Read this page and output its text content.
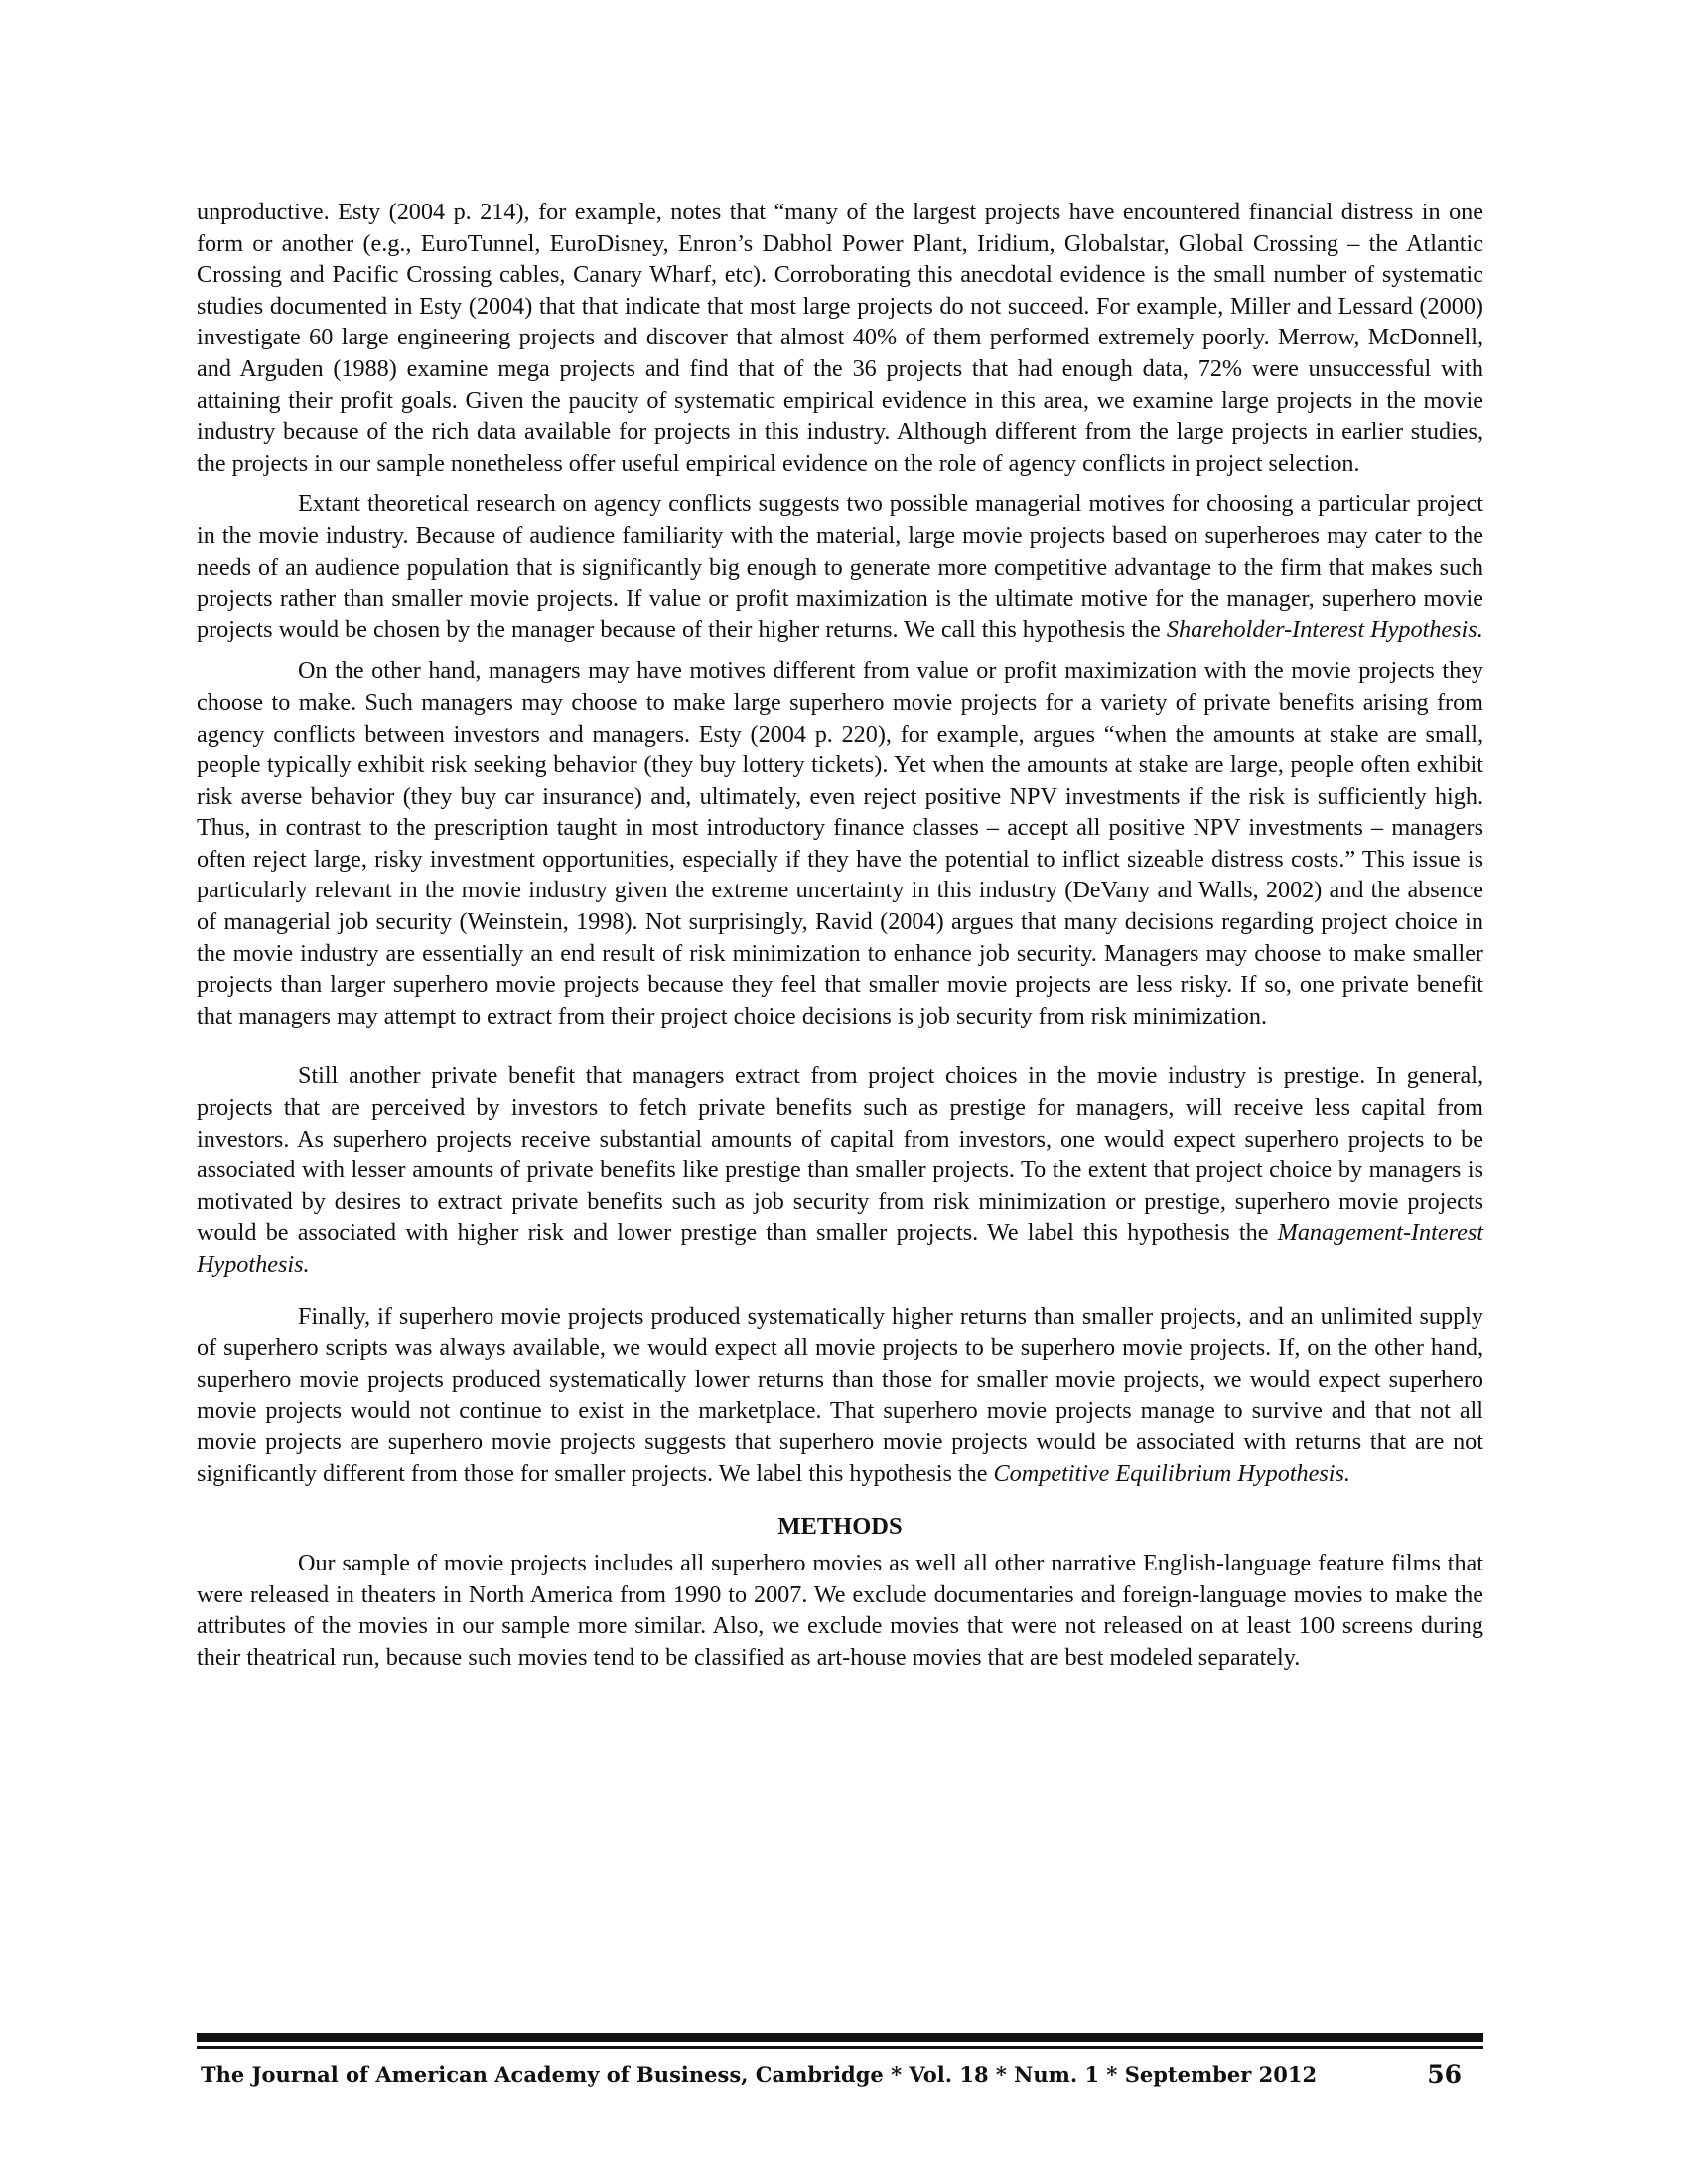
unproductive. Esty (2004 p. 214), for example, notes that “many of the largest projects have encountered financial distress in one form or another (e.g., EuroTunnel, EuroDisney, Enron’s Dabhol Power Plant, Iridium, Globalstar, Global Crossing – the Atlantic Crossing and Pacific Crossing cables, Canary Wharf, etc). Corroborating this anecdotal evidence is the small number of systematic studies documented in Esty (2004) that that indicate that most large projects do not succeed. For example, Miller and Lessard (2000) investigate 60 large engineering projects and discover that almost 40% of them performed extremely poorly. Merrow, McDonnell, and Arguden (1988) examine mega projects and find that of the 36 projects that had enough data, 72% were unsuccessful with attaining their profit goals. Given the paucity of systematic empirical evidence in this area, we examine large projects in the movie industry because of the rich data available for projects in this industry. Although different from the large projects in earlier studies, the projects in our sample nonetheless offer useful empirical evidence on the role of agency conflicts in project selection.

Extant theoretical research on agency conflicts suggests two possible managerial motives for choosing a particular project in the movie industry. Because of audience familiarity with the material, large movie projects based on superheroes may cater to the needs of an audience population that is significantly big enough to generate more competitive advantage to the firm that makes such projects rather than smaller movie projects. If value or profit maximization is the ultimate motive for the manager, superhero movie projects would be chosen by the manager because of their higher returns. We call this hypothesis the Shareholder-Interest Hypothesis.

On the other hand, managers may have motives different from value or profit maximization with the movie projects they choose to make. Such managers may choose to make large superhero movie projects for a variety of private benefits arising from agency conflicts between investors and managers. Esty (2004 p. 220), for example, argues “when the amounts at stake are small, people typically exhibit risk seeking behavior (they buy lottery tickets). Yet when the amounts at stake are large, people often exhibit risk averse behavior (they buy car insurance) and, ultimately, even reject positive NPV investments if the risk is sufficiently high. Thus, in contrast to the prescription taught in most introductory finance classes – accept all positive NPV investments – managers often reject large, risky investment opportunities, especially if they have the potential to inflict sizeable distress costs.” This issue is particularly relevant in the movie industry given the extreme uncertainty in this industry (DeVany and Walls, 2002) and the absence of managerial job security (Weinstein, 1998). Not surprisingly, Ravid (2004) argues that many decisions regarding project choice in the movie industry are essentially an end result of risk minimization to enhance job security. Managers may choose to make smaller projects than larger superhero movie projects because they feel that smaller movie projects are less risky. If so, one private benefit that managers may attempt to extract from their project choice decisions is job security from risk minimization.

Still another private benefit that managers extract from project choices in the movie industry is prestige. In general, projects that are perceived by investors to fetch private benefits such as prestige for managers, will receive less capital from investors. As superhero projects receive substantial amounts of capital from investors, one would expect superhero projects to be associated with lesser amounts of private benefits like prestige than smaller projects. To the extent that project choice by managers is motivated by desires to extract private benefits such as job security from risk minimization or prestige, superhero movie projects would be associated with higher risk and lower prestige than smaller projects. We label this hypothesis the Management-Interest Hypothesis.

Finally, if superhero movie projects produced systematically higher returns than smaller projects, and an unlimited supply of superhero scripts was always available, we would expect all movie projects to be superhero movie projects. If, on the other hand, superhero movie projects produced systematically lower returns than those for smaller movie projects, we would expect superhero movie projects would not continue to exist in the marketplace. That superhero movie projects manage to survive and that not all movie projects are superhero movie projects suggests that superhero movie projects would be associated with returns that are not significantly different from those for smaller projects. We label this hypothesis the Competitive Equilibrium Hypothesis.

METHODS

Our sample of movie projects includes all superhero movies as well all other narrative English-language feature films that were released in theaters in North America from 1990 to 2007. We exclude documentaries and foreign-language movies to make the attributes of the movies in our sample more similar. Also, we exclude movies that were not released on at least 100 screens during their theatrical run, because such movies tend to be classified as art-house movies that are best modeled separately.

The Journal of American Academy of Business, Cambridge * Vol. 18 * Num. 1 * September 2012	56
